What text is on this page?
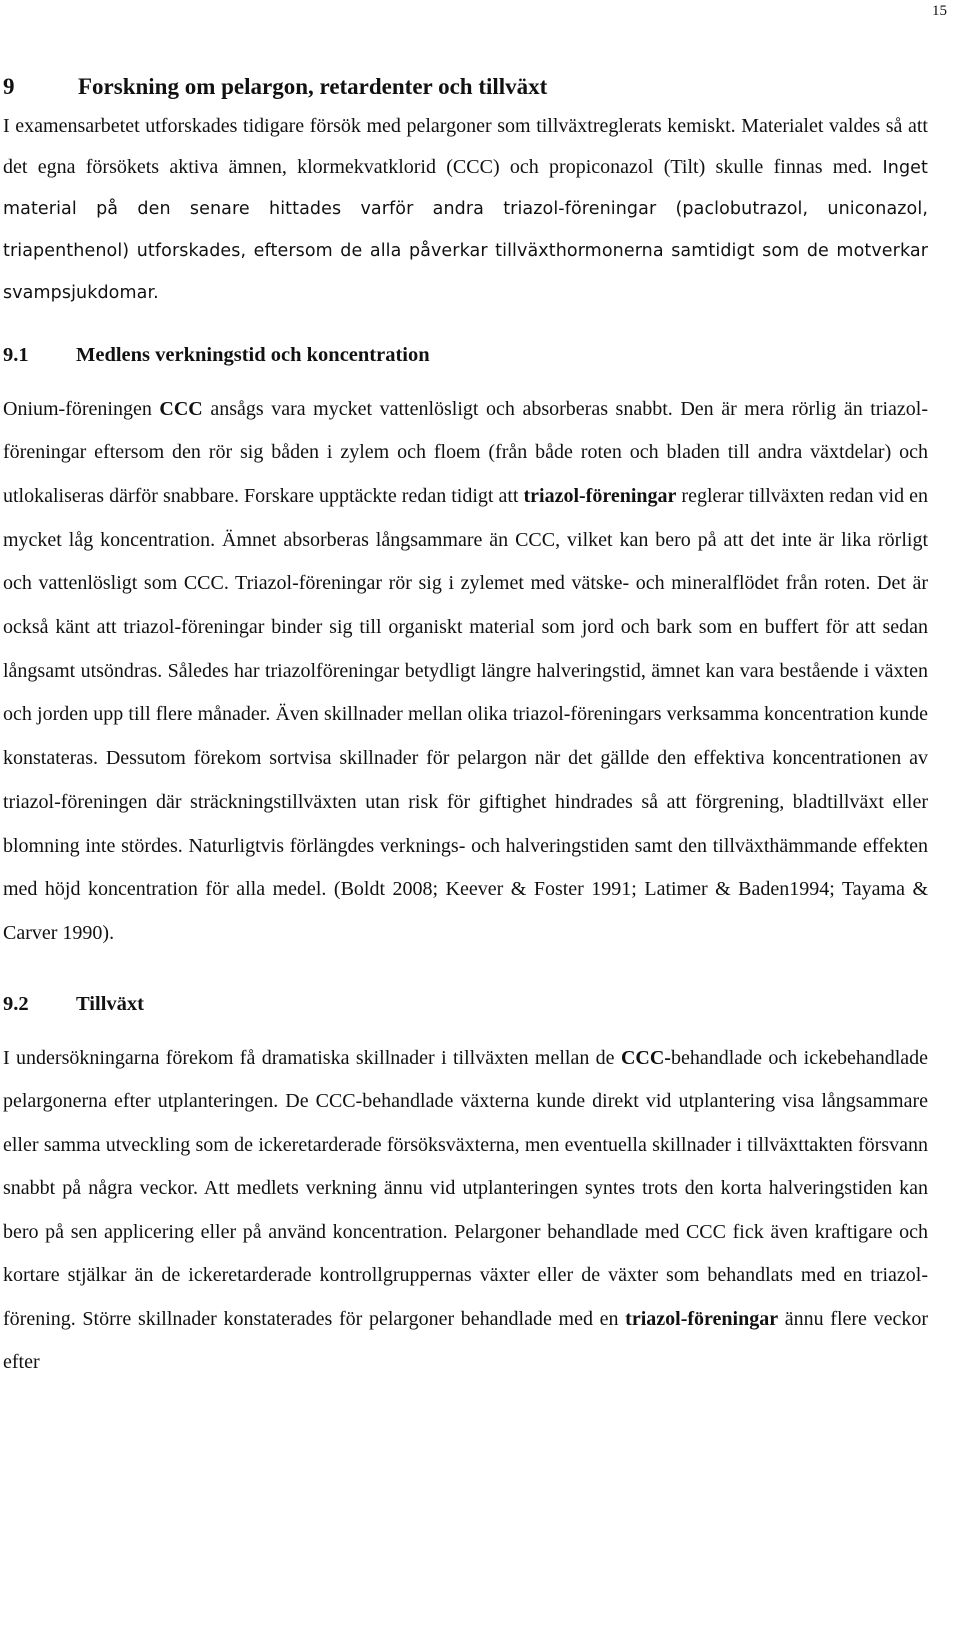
15
9	Forskning om pelargon, retardenter och tillväxt

I examensarbetet utforskades tidigare försök med pelargoner som tillväxtreglerats kemiskt. Materialet valdes så att det egna försökets aktiva ämnen, klormekvatklorid (CCC) och propiconazol (Tilt) skulle finnas med. Inget material på den senare hittades varför andra triazol-föreningar (paclobutrazol, uniconazol, triapenthenol) utforskades, eftersom de alla påverkar tillväxthormonerna samtidigt som de motverkar svampsjukdomar.

9.1	Medlens verkningstid och koncentration

Onium-föreningen CCC ansågs vara mycket vattenlösligt och absorberas snabbt. Den är mera rörlig än triazol-föreningar eftersom den rör sig båden i zylem och floem (från både roten och bladen till andra växtdelar) och utlokaliseras därför snabbare. Forskare upptäckte redan tidigt att triazol-föreningar reglerar tillväxten redan vid en mycket låg koncentration. Ämnet absorberas långsammare än CCC, vilket kan bero på att det inte är lika rörligt och vattenlösligt som CCC. Triazol-föreningar rör sig i zylemet med vätske- och mineralflödet från roten. Det är också känt att triazol-föreningar binder sig till organiskt material som jord och bark som en buffert för att sedan långsamt utsöndras. Således har triazolföreningar betydligt längre halveringstid, ämnet kan vara bestående i växten och jorden upp till flere månader. Även skillnader mellan olika triazol-föreningars verksamma koncentration kunde konstateras. Dessutom förekom sortvisa skillnader för pelargon när det gällde den effektiva koncentrationen av triazol-föreningen där sträckningstillväxten utan risk för giftighet hindrades så att förgrening, bladtillväxt eller blomning inte stördes. Naturligtvis förlängdes verknings- och halveringstiden samt den tillväxthämmande effekten med höjd koncentration för alla medel. (Boldt 2008; Keever & Foster 1991; Latimer & Baden1994; Tayama & Carver 1990).

9.2	Tillväxt

I undersökningarna förekom få dramatiska skillnader i tillväxten mellan de CCC-behandlade och ickebehandlade pelargonerna efter utplanteringen. De CCC-behandlade växterna kunde direkt vid utplantering visa långsammare eller samma utveckling som de ickeretarderade försöksväxterna, men eventuella skillnader i tillväxttakten försvann snabbt på några veckor. Att medlets verkning ännu vid utplanteringen syntes trots den korta halveringstiden kan bero på sen applicering eller på använd koncentration. Pelargoner behandlade med CCC fick även kraftigare och kortare stjälkar än de ickeretarderade kontrollgruppernas växter eller de växter som behandlats med en triazol-förening. Större skillnader konstaterades för pelargoner behandlade med en triazol-föreningar ännu flere veckor efter
